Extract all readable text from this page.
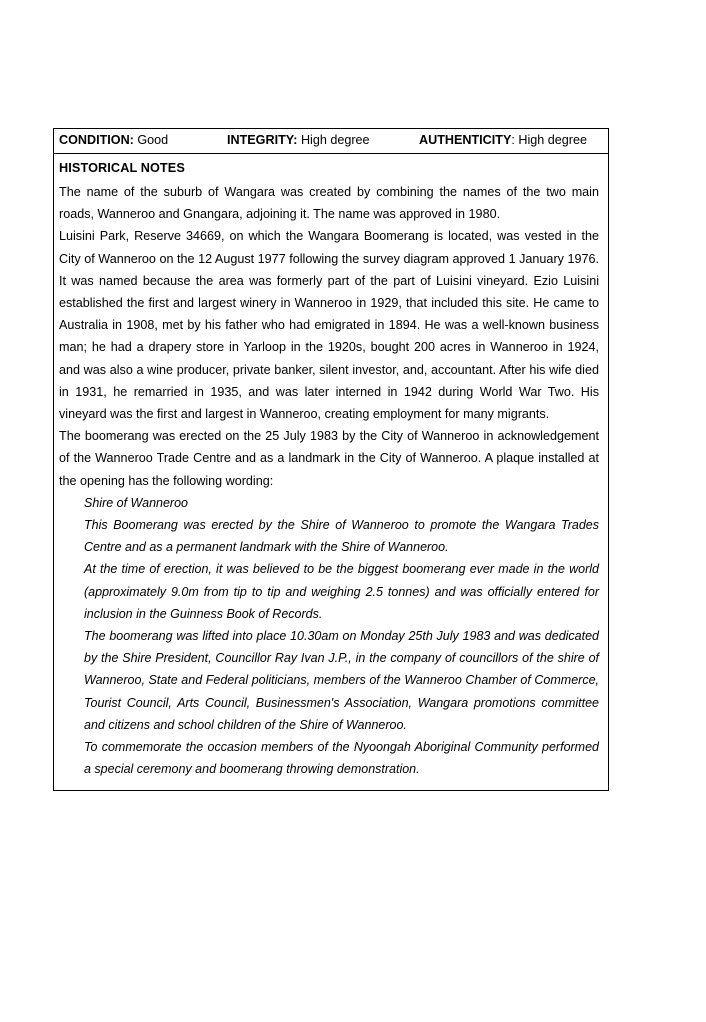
CONDITION: Good	INTEGRITY: High degree	AUTHENTICITY: High degree
HISTORICAL NOTES

The name of the suburb of Wangara was created by combining the names of the two main roads, Wanneroo and Gnangara, adjoining it. The name was approved in 1980.

Luisini Park, Reserve 34669, on which the Wangara Boomerang is located, was vested in the City of Wanneroo on the 12 August 1977 following the survey diagram approved 1 January 1976. It was named because the area was formerly part of the part of Luisini vineyard. Ezio Luisini established the first and largest winery in Wanneroo in 1929, that included this site. He came to Australia in 1908, met by his father who had emigrated in 1894. He was a well-known business man; he had a drapery store in Yarloop in the 1920s, bought 200 acres in Wanneroo in 1924, and was also a wine producer, private banker, silent investor, and, accountant. After his wife died in 1931, he remarried in 1935, and was later interned in 1942 during World War Two. His vineyard was the first and largest in Wanneroo, creating employment for many migrants.

The boomerang was erected on the 25 July 1983 by the City of Wanneroo in acknowledgement of the Wanneroo Trade Centre and as a landmark in the City of Wanneroo. A plaque installed at the opening has the following wording:

Shire of Wanneroo

This Boomerang was erected by the Shire of Wanneroo to promote the Wangara Trades Centre and as a permanent landmark with the Shire of Wanneroo.

At the time of erection, it was believed to be the biggest boomerang ever made in the world (approximately 9.0m from tip to tip and weighing 2.5 tonnes) and was officially entered for inclusion in the Guinness Book of Records.

The boomerang was lifted into place 10.30am on Monday 25th July 1983 and was dedicated by the Shire President, Councillor Ray Ivan J.P., in the company of councillors of the shire of Wanneroo, State and Federal politicians, members of the Wanneroo Chamber of Commerce, Tourist Council, Arts Council, Businessmen's Association, Wangara promotions committee and citizens and school children of the Shire of Wanneroo.

To commemorate the occasion members of the Nyoongah Aboriginal Community performed a special ceremony and boomerang throwing demonstration.
